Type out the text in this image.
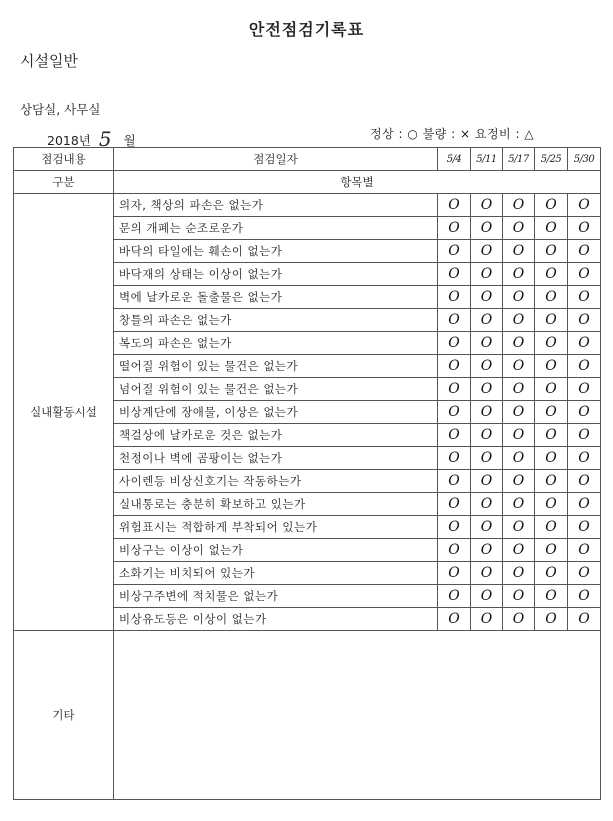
안전점검기록표
시설일반
상담실, 사무실
2018년 5 월	정상 : ○ 불량 : × 요정비 : △
점검내용	점검일자	5/4	5/11	5/17	5/25	5/30
구분	항목별					
실내활동시설	의자, 책상의 파손은 없는가	O	O	O	O	O
	문의 개폐는 순조로운가	O	O	O	O	O
	바닥의 타일에는 훼손이 없는가	O	O	O	O	O
	바닥재의 상태는 이상이 없는가	O	O	O	O	O
	벽에 날카로운 돌출물은 없는가	O	O	O	O	O
	창틀의 파손은 없는가	O	O	O	O	O
	복도의 파손은 없는가	O	O	O	O	O
	떨어질 위험이 있는 물건은 없는가	O	O	O	O	O
	넘어질 위험이 있는 물건은 없는가	O	O	O	O	O
	비상계단에 장애물, 이상은 없는가	O	O	O	O	O
	책걸상에 날카로운 것은 없는가	O	O	O	O	O
	천정이나 벽에 곰팡이는 없는가	O	O	O	O	O
	사이렌등 비상신호기는 작동하는가	O	O	O	O	O
	실내통로는 충분히 확보하고 있는가	O	O	O	O	O
	위험표시는 적합하게 부착되어 있는가	O	O	O	O	O
	비상구는 이상이 없는가	O	O	O	O	O
	소화기는 비치되어 있는가	O	O	O	O	O
	비상구주변에 적치물은 없는가	O	O	O	O	O
	비상유도등은 이상이 없는가	O	O	O	O	O
기타						
